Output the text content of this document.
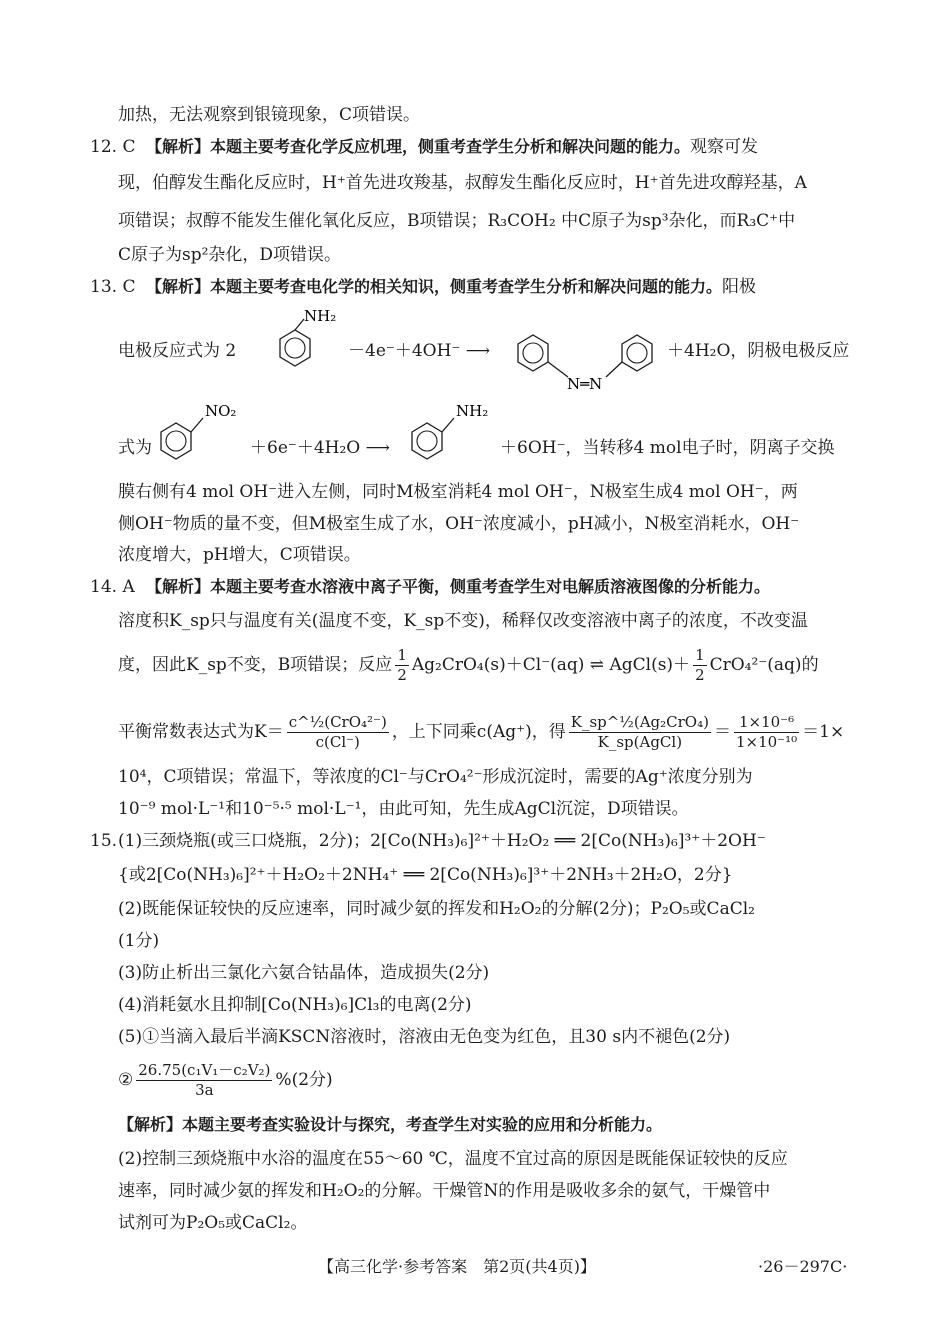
加热，无法观察到银镜现象，C项错误。
12. C 【解析】本题主要考查化学反应机理，侧重考查学生分析和解决问题的能力。观察可发
现，伯醇发生酯化反应时，H⁺首先进攻羧基，叔醇发生酯化反应时，H⁺首先进攻醇羟基，A
项错误；叔醇不能发生催化氧化反应，B项错误；R₃COH₂ 中C原子为sp³杂化，而R₃C⁺中
C原子为sp²杂化，D项错误。
13. C 【解析】本题主要考查电化学的相关知识，侧重考查学生分析和解决问题的能力。阳极
电极反应式为 2
NH₂
－4e⁻＋4OH⁻ ⟶
N═N
＋4H₂O，阴极电极反应
式为
NO₂
＋6e⁻＋4H₂O ⟶
NH₂
＋6OH⁻，当转移4 mol电子时，阴离子交换
膜右侧有4 mol OH⁻进入左侧，同时M极室消耗4 mol OH⁻，N极室生成4 mol OH⁻，两
侧OH⁻物质的量不变，但M极室生成了水，OH⁻浓度减小，pH减小，N极室消耗水，OH⁻
浓度增大，pH增大，C项错误。
14. A 【解析】本题主要考查水溶液中离子平衡，侧重考查学生对电解质溶液图像的分析能力。
溶度积K_sp只与温度有关(温度不变，K_sp不变)，稀释仅改变溶液中离子的浓度，不改变温
度，因此K_sp不变，B项错误；反应 $\frac{1}{2} Ag_2CrO_4(s)+Cl^-(aq)$ ⇌ AgCl(s)＋ $\frac{1}{2} CrO_4^{2-}(aq)$的
平衡常数表达式为$K= \frac{\text{c\textasciicircum{}½(CrO₄²⁻)}}{c(Cl^-)}$ ，上下同乘c(Ag⁺)，得 $\frac{\text{K\_sp\textasciicircum{}½(Ag₂CrO₄)}}{\text{K\_sp(AgCl)}} = \frac{\text{1×10⁻⁶}}{\text{1×10⁻¹⁰}} =1\times$
10⁴，C项错误；常温下，等浓度的Cl⁻与CrO₄²⁻形成沉淀时，需要的Ag⁺浓度分别为
10⁻⁹ mol·L⁻¹和10⁻⁵·⁵ mol·L⁻¹，由此可知，先生成AgCl沉淀，D项错误。
15. (1)三颈烧瓶(或三口烧瓶，2分)；2[Co(NH₃)₆]²⁺＋H₂O₂ ══ 2[Co(NH₃)₆]³⁺＋2OH⁻
{或2[Co(NH₃)₆]²⁺＋H₂O₂＋2NH₄⁺ ══ 2[Co(NH₃)₆]³⁺＋2NH₃＋2H₂O，2分}
(2)既能保证较快的反应速率，同时减少氨的挥发和H₂O₂的分解(2分)；P₂O₅或CaCl₂
(1分)
(3)防止析出三氯化六氨合钴晶体，造成损失(2分)
(4)消耗氨水且抑制[Co(NH₃)₆]Cl₃的电离(2分)
(5)①当滴入最后半滴KSCN溶液时，溶液由无色变为红色，且30 s内不褪色(2分)
② $\frac{\text{26.75(c₁V₁－c₂V₂)}}{3a} \%(2$分)
【解析】本题主要考查实验设计与探究，考查学生对实验的应用和分析能力。
(2)控制三颈烧瓶中水浴的温度在55～60 ℃，温度不宜过高的原因是既能保证较快的反应
速率，同时减少氨的挥发和H₂O₂的分解。干燥管N的作用是吸收多余的氨气，干燥管中
试剂可为P₂O₅或CaCl₂。
【高三化学·参考答案　第2页(共4页)】	·26－297C·
